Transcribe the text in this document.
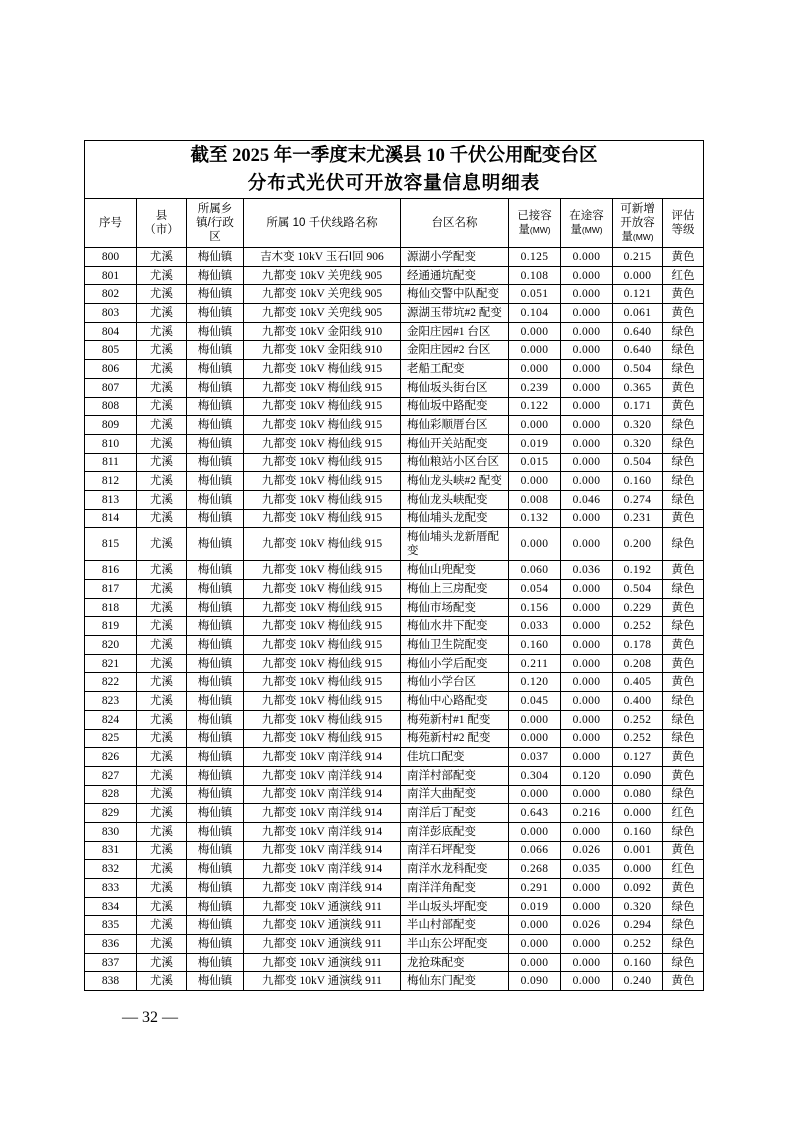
截至 2025 年一季度末尤溪县 10 千伏公用配变台区
分布式光伏可开放容量信息明细表								

序号	县（市）	所属乡镇/行政区	所属 10 千伏线路名称	台区名称	已接容量(MW)	在途容量(MW)	可新增开放容量(MW)	评估等级
800	尤溪	梅仙镇	吉木变 10kV 玉石Ⅰ回 906	源湖小学配变	0.125	0.000	0.215	黄色
801	尤溪	梅仙镇	九都变 10kV 关兜线 905	经通通坑配变	0.108	0.000	0.000	红色
802	尤溪	梅仙镇	九都变 10kV 关兜线 905	梅仙交警中队配变	0.051	0.000	0.121	黄色
803	尤溪	梅仙镇	九都变 10kV 关兜线 905	源湖玉带坑#2 配变	0.104	0.000	0.061	黄色
804	尤溪	梅仙镇	九都变 10kV 金阳线 910	金阳庄园#1 台区	0.000	0.000	0.640	绿色
805	尤溪	梅仙镇	九都变 10kV 金阳线 910	金阳庄园#2 台区	0.000	0.000	0.640	绿色
806	尤溪	梅仙镇	九都变 10kV 梅仙线 915	老船工配变	0.000	0.000	0.504	绿色
807	尤溪	梅仙镇	九都变 10kV 梅仙线 915	梅仙坂头街台区	0.239	0.000	0.365	黄色
808	尤溪	梅仙镇	九都变 10kV 梅仙线 915	梅仙坂中路配变	0.122	0.000	0.171	黄色
809	尤溪	梅仙镇	九都变 10kV 梅仙线 915	梅仙彩顺厝台区	0.000	0.000	0.320	绿色
810	尤溪	梅仙镇	九都变 10kV 梅仙线 915	梅仙开关站配变	0.019	0.000	0.320	绿色
811	尤溪	梅仙镇	九都变 10kV 梅仙线 915	梅仙粮站小区台区	0.015	0.000	0.504	绿色
812	尤溪	梅仙镇	九都变 10kV 梅仙线 915	梅仙龙头峡#2 配变	0.000	0.000	0.160	绿色
813	尤溪	梅仙镇	九都变 10kV 梅仙线 915	梅仙龙头峡配变	0.008	0.046	0.274	绿色
814	尤溪	梅仙镇	九都变 10kV 梅仙线 915	梅仙埔头龙配变	0.132	0.000	0.231	黄色
815	尤溪	梅仙镇	九都变 10kV 梅仙线 915	梅仙埔头龙新厝配变	0.000	0.000	0.200	绿色
816	尤溪	梅仙镇	九都变 10kV 梅仙线 915	梅仙山兜配变	0.060	0.036	0.192	黄色
817	尤溪	梅仙镇	九都变 10kV 梅仙线 915	梅仙上三房配变	0.054	0.000	0.504	绿色
818	尤溪	梅仙镇	九都变 10kV 梅仙线 915	梅仙市场配变	0.156	0.000	0.229	黄色
819	尤溪	梅仙镇	九都变 10kV 梅仙线 915	梅仙水井下配变	0.033	0.000	0.252	绿色
820	尤溪	梅仙镇	九都变 10kV 梅仙线 915	梅仙卫生院配变	0.160	0.000	0.178	黄色
821	尤溪	梅仙镇	九都变 10kV 梅仙线 915	梅仙小学后配变	0.211	0.000	0.208	黄色
822	尤溪	梅仙镇	九都变 10kV 梅仙线 915	梅仙小学台区	0.120	0.000	0.405	黄色
823	尤溪	梅仙镇	九都变 10kV 梅仙线 915	梅仙中心路配变	0.045	0.000	0.400	绿色
824	尤溪	梅仙镇	九都变 10kV 梅仙线 915	梅苑新村#1 配变	0.000	0.000	0.252	绿色
825	尤溪	梅仙镇	九都变 10kV 梅仙线 915	梅苑新村#2 配变	0.000	0.000	0.252	绿色
826	尤溪	梅仙镇	九都变 10kV 南洋线 914	佳坑口配变	0.037	0.000	0.127	黄色
827	尤溪	梅仙镇	九都变 10kV 南洋线 914	南洋村部配变	0.304	0.120	0.090	黄色
828	尤溪	梅仙镇	九都变 10kV 南洋线 914	南洋大曲配变	0.000	0.000	0.080	绿色
829	尤溪	梅仙镇	九都变 10kV 南洋线 914	南洋后丁配变	0.643	0.216	0.000	红色
830	尤溪	梅仙镇	九都变 10kV 南洋线 914	南洋彭底配变	0.000	0.000	0.160	绿色
831	尤溪	梅仙镇	九都变 10kV 南洋线 914	南洋石坪配变	0.066	0.026	0.001	黄色
832	尤溪	梅仙镇	九都变 10kV 南洋线 914	南洋水龙科配变	0.268	0.035	0.000	红色
833	尤溪	梅仙镇	九都变 10kV 南洋线 914	南洋洋角配变	0.291	0.000	0.092	黄色
834	尤溪	梅仙镇	九都变 10kV 通演线 911	半山坂头坪配变	0.019	0.000	0.320	绿色
835	尤溪	梅仙镇	九都变 10kV 通演线 911	半山村部配变	0.000	0.026	0.294	绿色
836	尤溪	梅仙镇	九都变 10kV 通演线 911	半山东公坪配变	0.000	0.000	0.252	绿色
837	尤溪	梅仙镇	九都变 10kV 通演线 911	龙抢珠配变	0.000	0.000	0.160	绿色
838	尤溪	梅仙镇	九都变 10kV 通演线 911	梅仙东门配变	0.090	0.000	0.240	黄色
— 32 —
